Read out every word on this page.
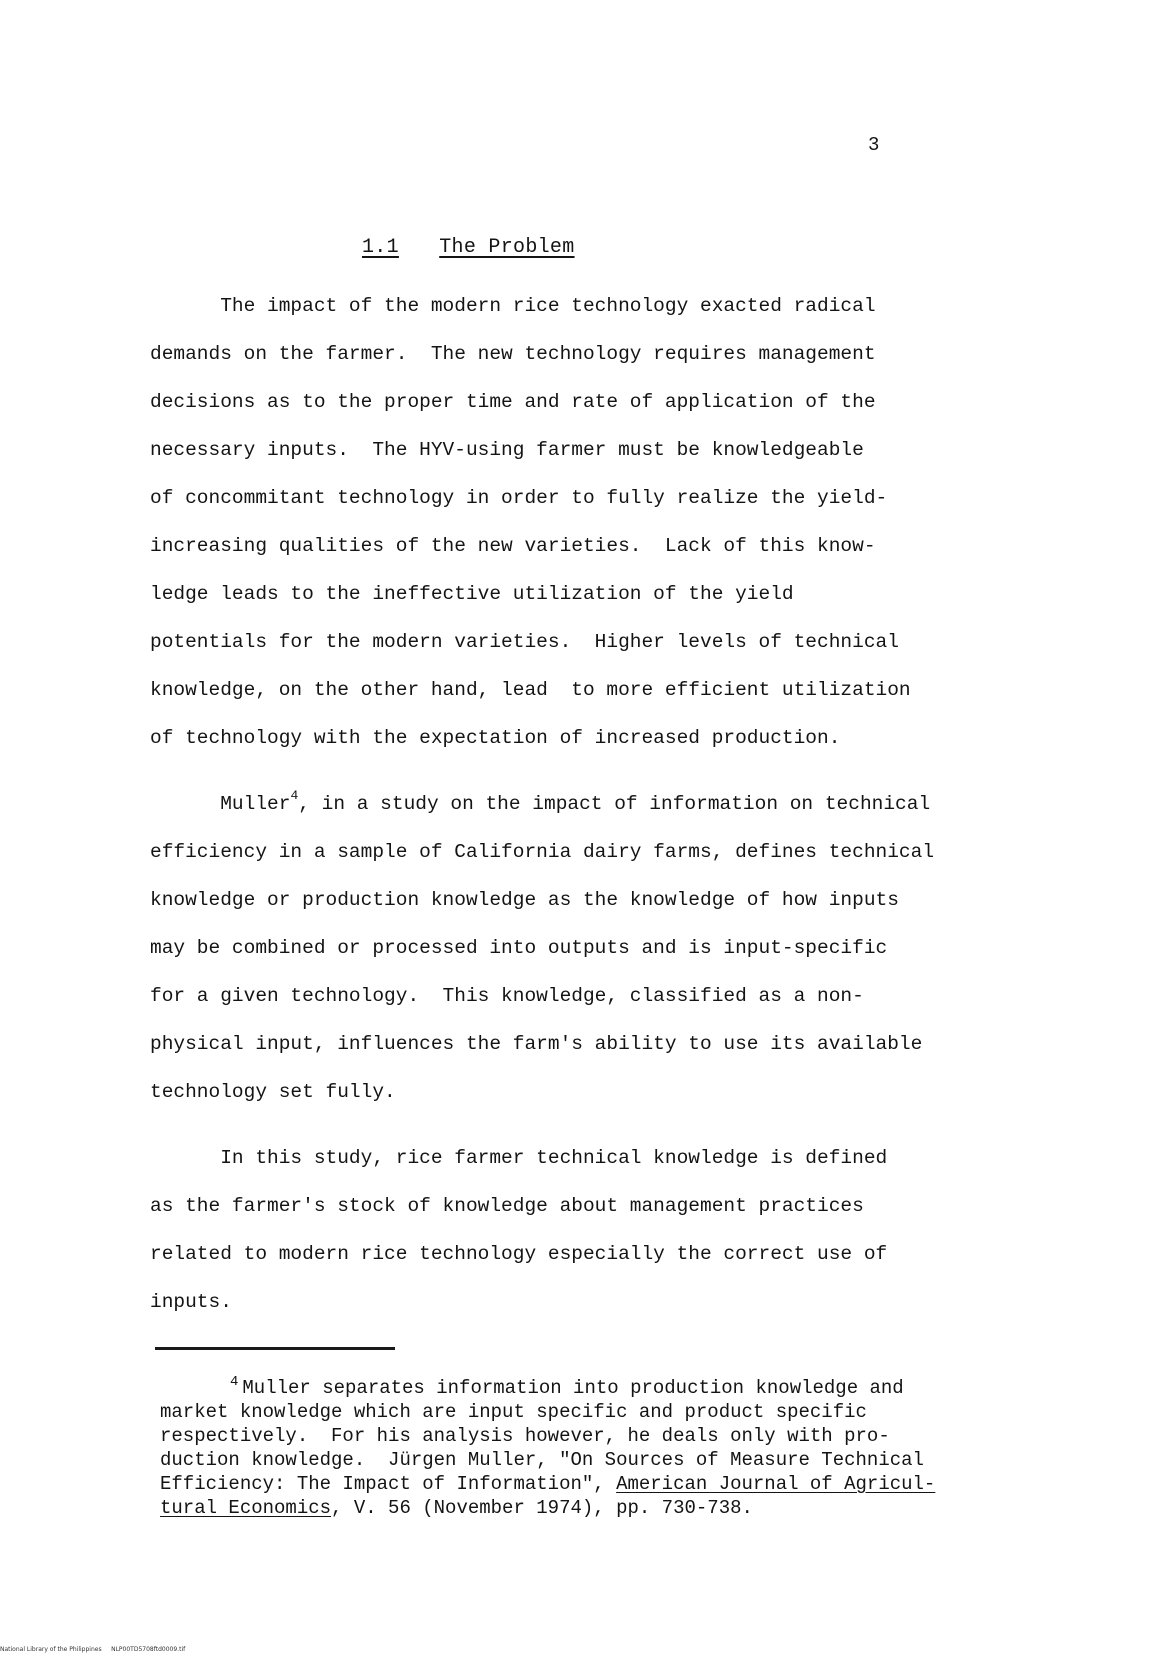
3
1.1 The Problem
The impact of the modern rice technology exacted radical
demands on the farmer.  The new technology requires management
decisions as to the proper time and rate of application of the
necessary inputs.  The HYV-using farmer must be knowledgeable
of concommitant technology in order to fully realize the yield-
increasing qualities of the new varieties.  Lack of this know-
ledge leads to the ineffective utilization of the yield
potentials for the modern varieties.  Higher levels of technical
knowledge, on the other hand, lead  to more efficient utilization
of technology with the expectation of increased production.
Muller$^4$, in a study on the impact of information on technical
efficiency in a sample of California dairy farms, defines technical
knowledge or production knowledge as the knowledge of how inputs
may be combined or processed into outputs and is input-specific
for a given technology.  This knowledge, classified as a non-
physical input, influences the farm's ability to use its available
technology set fully.
In this study, rice farmer technical knowledge is defined
as the farmer's stock of knowledge about management practices
related to modern rice technology especially the correct use of
inputs.
$^4$ Muller separates information into production knowledge and
market knowledge which are input specific and product specific
respectively.  For his analysis however, he deals only with pro-
duction knowledge.  Jürgen Muller, "On Sources of Measure Technical
Efficiency: The Impact of Information", American Journal of Agricul-
tural Economics, V. 56 (November 1974), pp. 730-738.
National Library of the Philippines     NLP00TD5708ftd0009.tif
